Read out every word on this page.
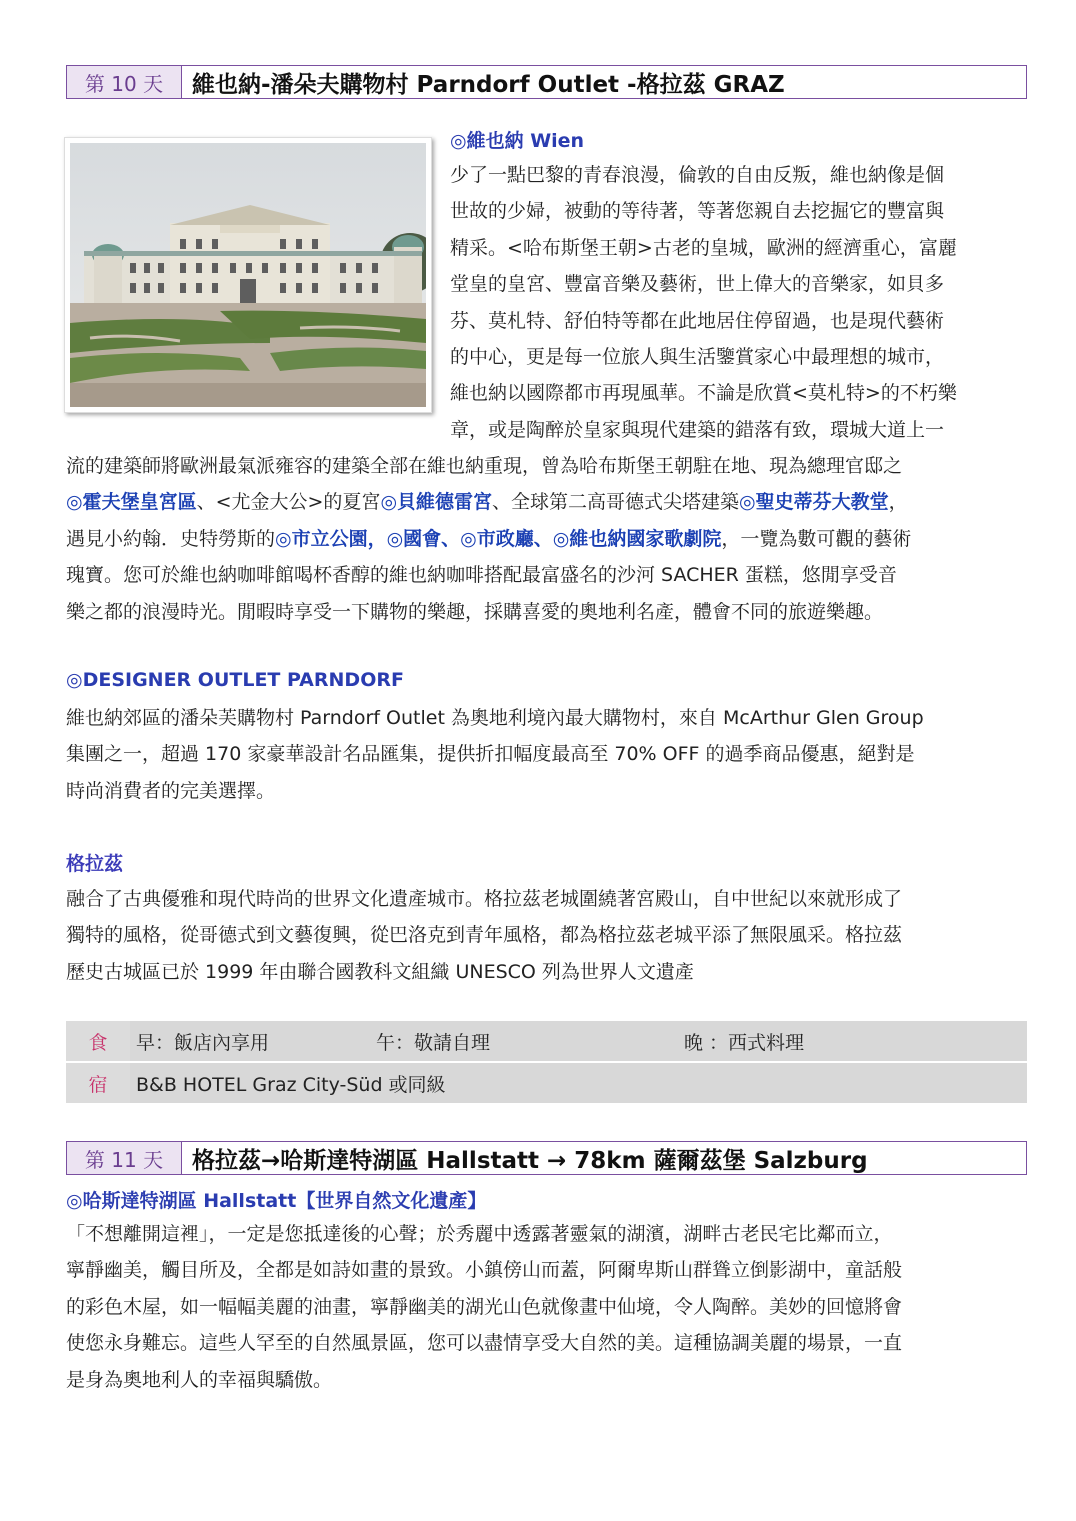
第 10 天	維也納-潘朵夫購物村 Parndorf Outlet -格拉茲 GRAZ
◎維也納 Wien
少了一點巴黎的青春浪漫，倫敦的自由反叛，維也納像是個
世故的少婦，被動的等待著，等著您親自去挖掘它的豐富與
精采。<哈布斯堡王朝>古老的皇城，歐洲的經濟重心，富麗
堂皇的皇宮、豐富音樂及藝術，世上偉大的音樂家，如貝多
芬、莫札特、舒伯特等都在此地居住停留過，也是現代藝術
的中心，更是每一位旅人與生活鑒賞家心中最理想的城市，
維也納以國際都市再現風華。不論是欣賞<莫札特>的不朽樂
章，或是陶醉於皇家與現代建築的錯落有致，環城大道上一
流的建築師將歐洲最氣派雍容的建築全部在維也納重現，曾為哈布斯堡王朝駐在地、現為總理官邸之
◎霍夫堡皇宮區、<尤金大公>的夏宮◎貝維德雷宮、全球第二高哥德式尖塔建築◎聖史蒂芬大教堂，
遇見小約翰．史特勞斯的◎市立公園，◎國會、◎市政廳、◎維也納國家歌劇院，一覽為數可觀的藝術
瑰寶。您可於維也納咖啡館喝杯香醇的維也納咖啡搭配最富盛名的沙河 SACHER 蛋糕，悠閒享受音
樂之都的浪漫時光。閒暇時享受一下購物的樂趣，採購喜愛的奧地利名產，體會不同的旅遊樂趣。
◎DESIGNER OUTLET PARNDORF
維也納郊區的潘朵芙購物村 Parndorf Outlet 為奧地利境內最大購物村，來自 McArthur Glen Group
集團之一，超過 170 家豪華設計名品匯集，提供折扣幅度最高至 70% OFF 的過季商品優惠，絕對是
時尚消費者的完美選擇。
格拉茲
融合了古典優雅和現代時尚的世界文化遺產城市。格拉茲老城圍繞著宮殿山，自中世紀以來就形成了
獨特的風格，從哥德式到文藝復興，從巴洛克到青年風格，都為格拉茲老城平添了無限風采。格拉茲
歷史古城區已於 1999 年由聯合國教科文組織 UNESCO 列為世界人文遺產
食	早：飯店內享用	午：敬請自理	晚 ：西式料理
宿	B&B HOTEL Graz City-Süd 或同級		
第 11 天	格拉茲→哈斯達特湖區 Hallstatt → 78km 薩爾茲堡 Salzburg
◎哈斯達特湖區 Hallstatt【世界自然文化遺產】
「不想離開這裡」，一定是您抵達後的心聲；於秀麗中透露著靈氣的湖濱，湖畔古老民宅比鄰而立，
寧靜幽美，觸目所及，全都是如詩如畫的景致。小鎮傍山而蓋，阿爾卑斯山群聳立倒影湖中，童話般
的彩色木屋，如一幅幅美麗的油畫，寧靜幽美的湖光山色就像畫中仙境，令人陶醉。美妙的回憶將會
使您永身難忘。這些人罕至的自然風景區，您可以盡情享受大自然的美。這種協調美麗的場景，一直
是身為奧地利人的幸福與驕傲。
